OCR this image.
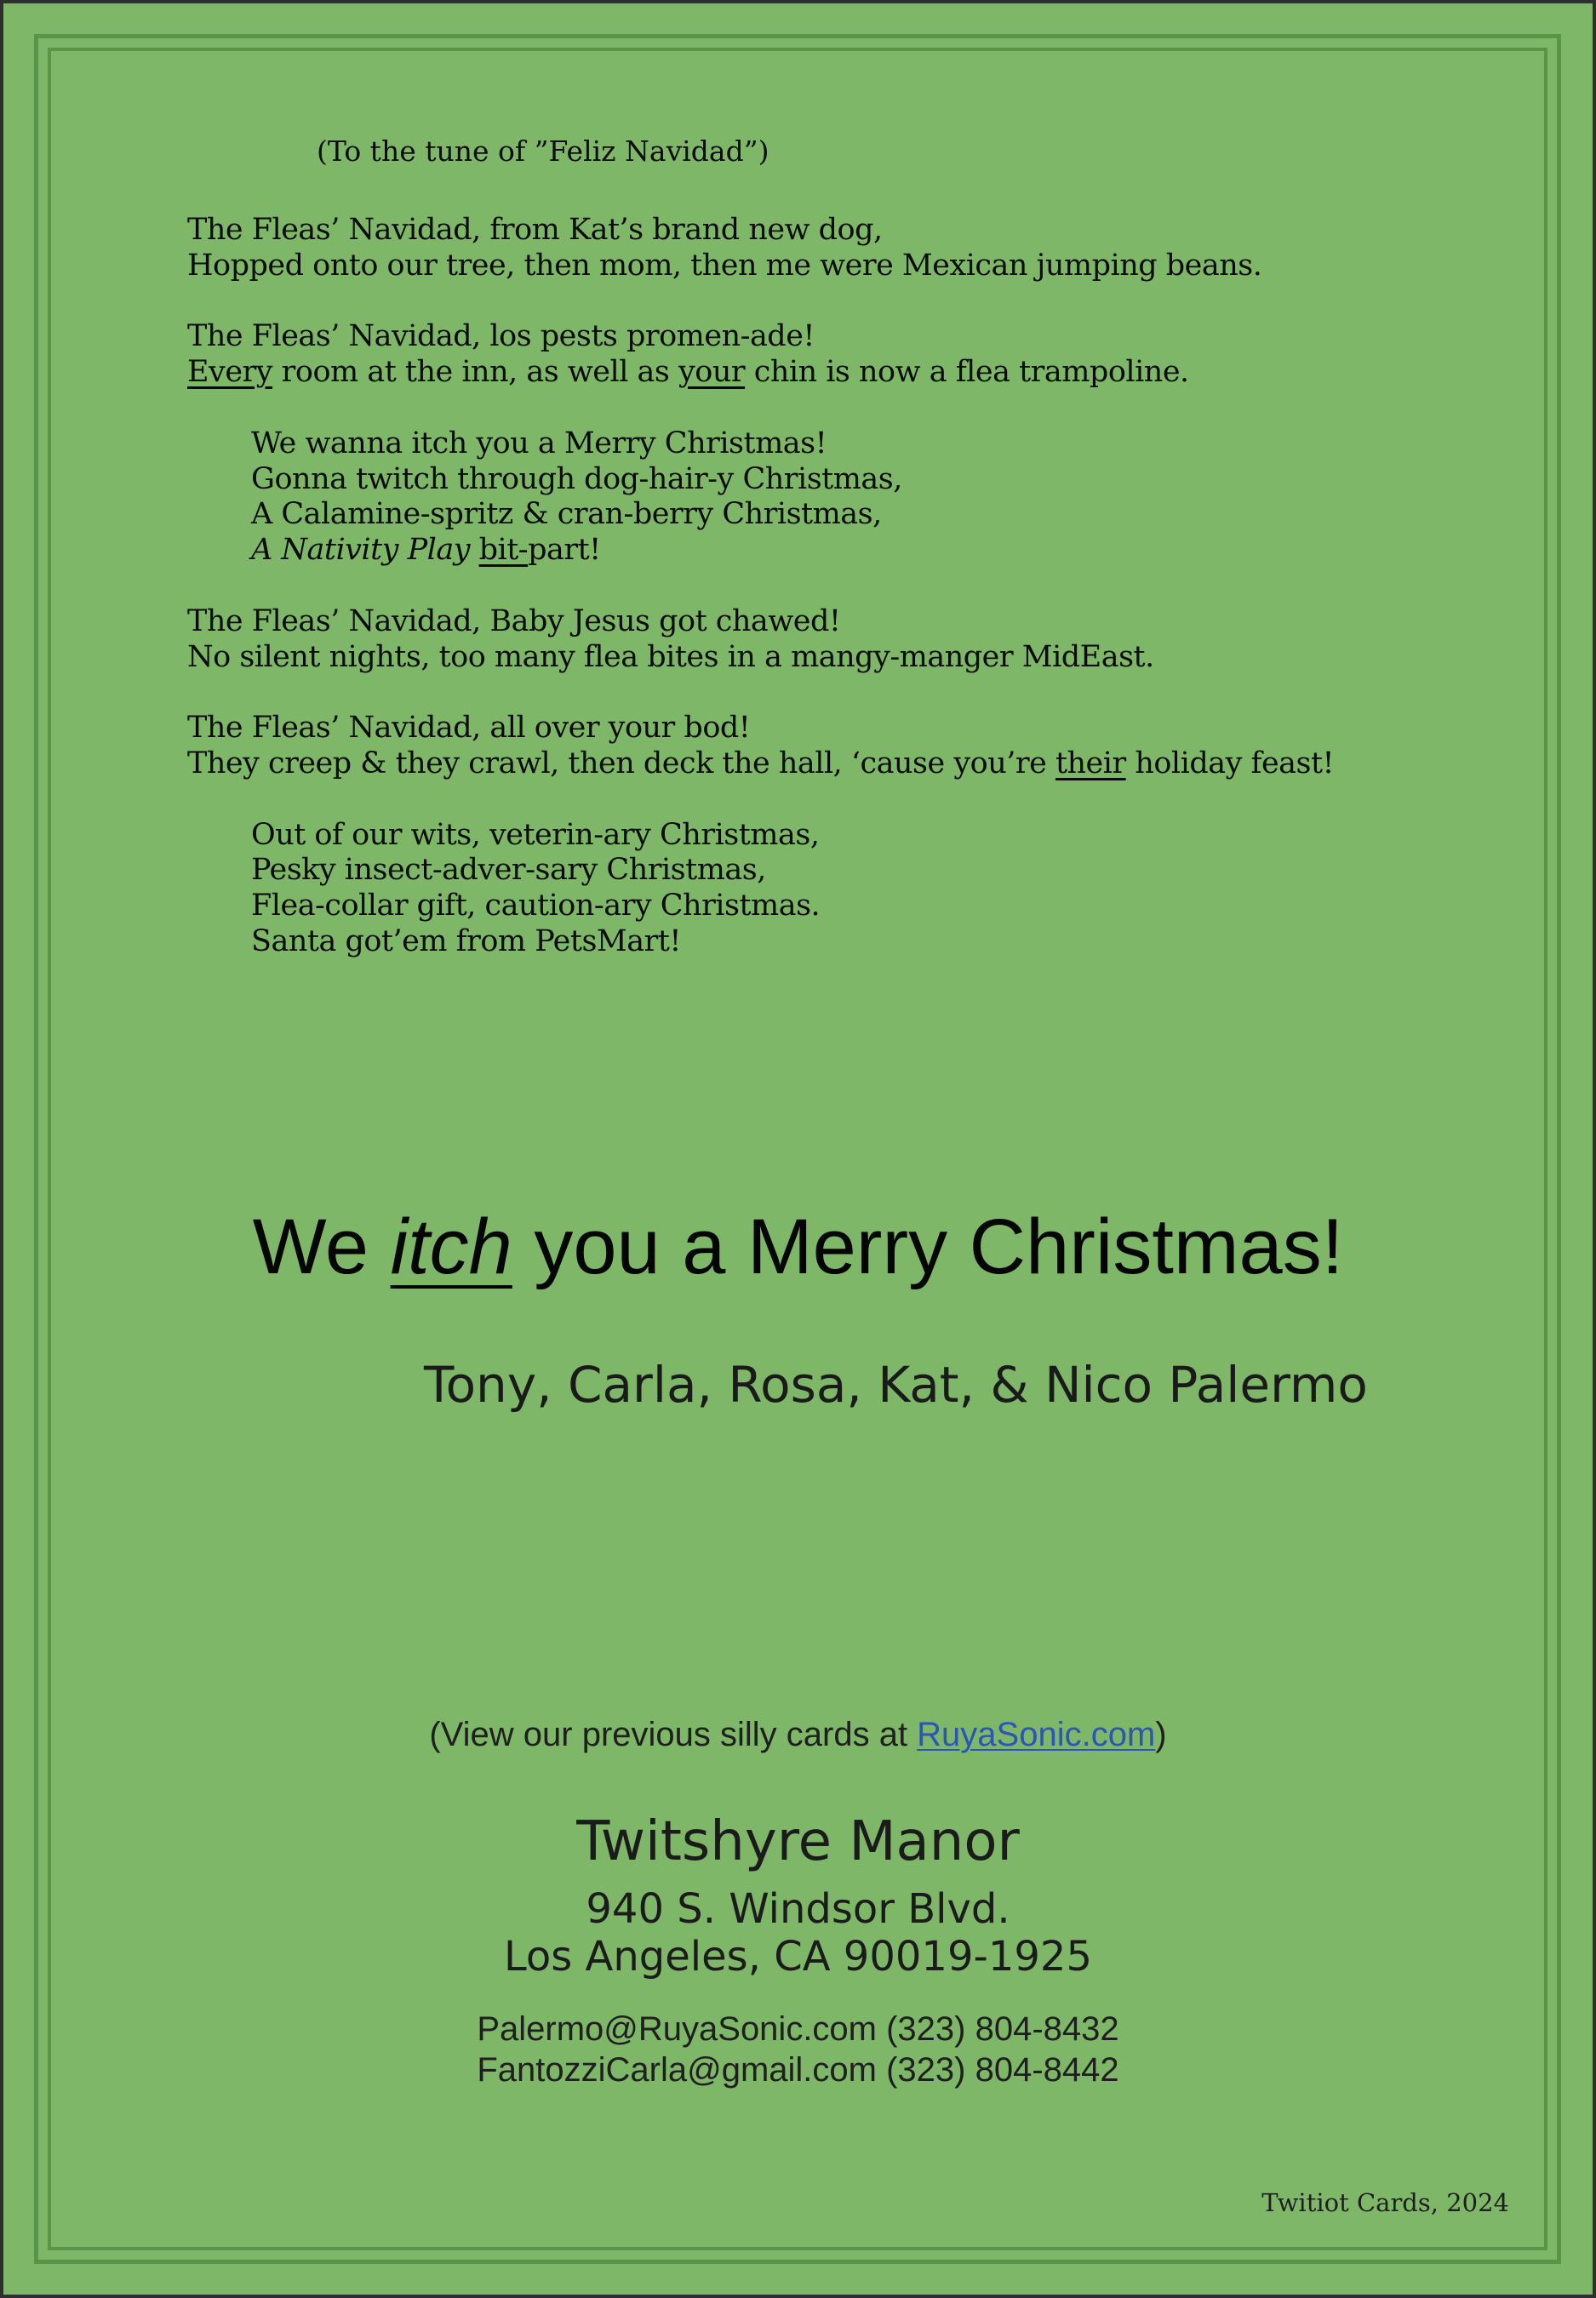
(To the tune of ”Feliz Navidad”)
The Fleas’ Navidad, from Kat’s brand new dog,
Hopped onto our tree, then mom, then me were Mexican jumping beans.
The Fleas’ Navidad, los pests promen-ade!
Every room at the inn, as well as your chin is now a flea trampoline.
We wanna itch you a Merry Christmas!
Gonna twitch through dog-hair-y Christmas,
A Calamine-spritz & cran-berry Christmas,
A Nativity Play bit-part!
The Fleas’ Navidad, Baby Jesus got chawed!
No silent nights, too many flea bites in a mangy-manger MidEast.
The Fleas’ Navidad, all over your bod!
They creep & they crawl, then deck the hall, ‘cause you’re their holiday feast!
Out of our wits, veterin-ary Christmas,
Pesky insect-adver-sary Christmas,
Flea-collar gift, caution-ary Christmas.
Santa got’em from PetsMart!
We itch you a Merry Christmas!
Tony, Carla, Rosa, Kat, & Nico Palermo
(View our previous silly cards at RuyaSonic.com)
Twitshyre Manor
940 S. Windsor Blvd.
Los Angeles, CA 90019-1925
Palermo@RuyaSonic.com (323) 804-8432
FantozziCarla@gmail.com (323) 804-8442
Twitiot Cards, 2024
